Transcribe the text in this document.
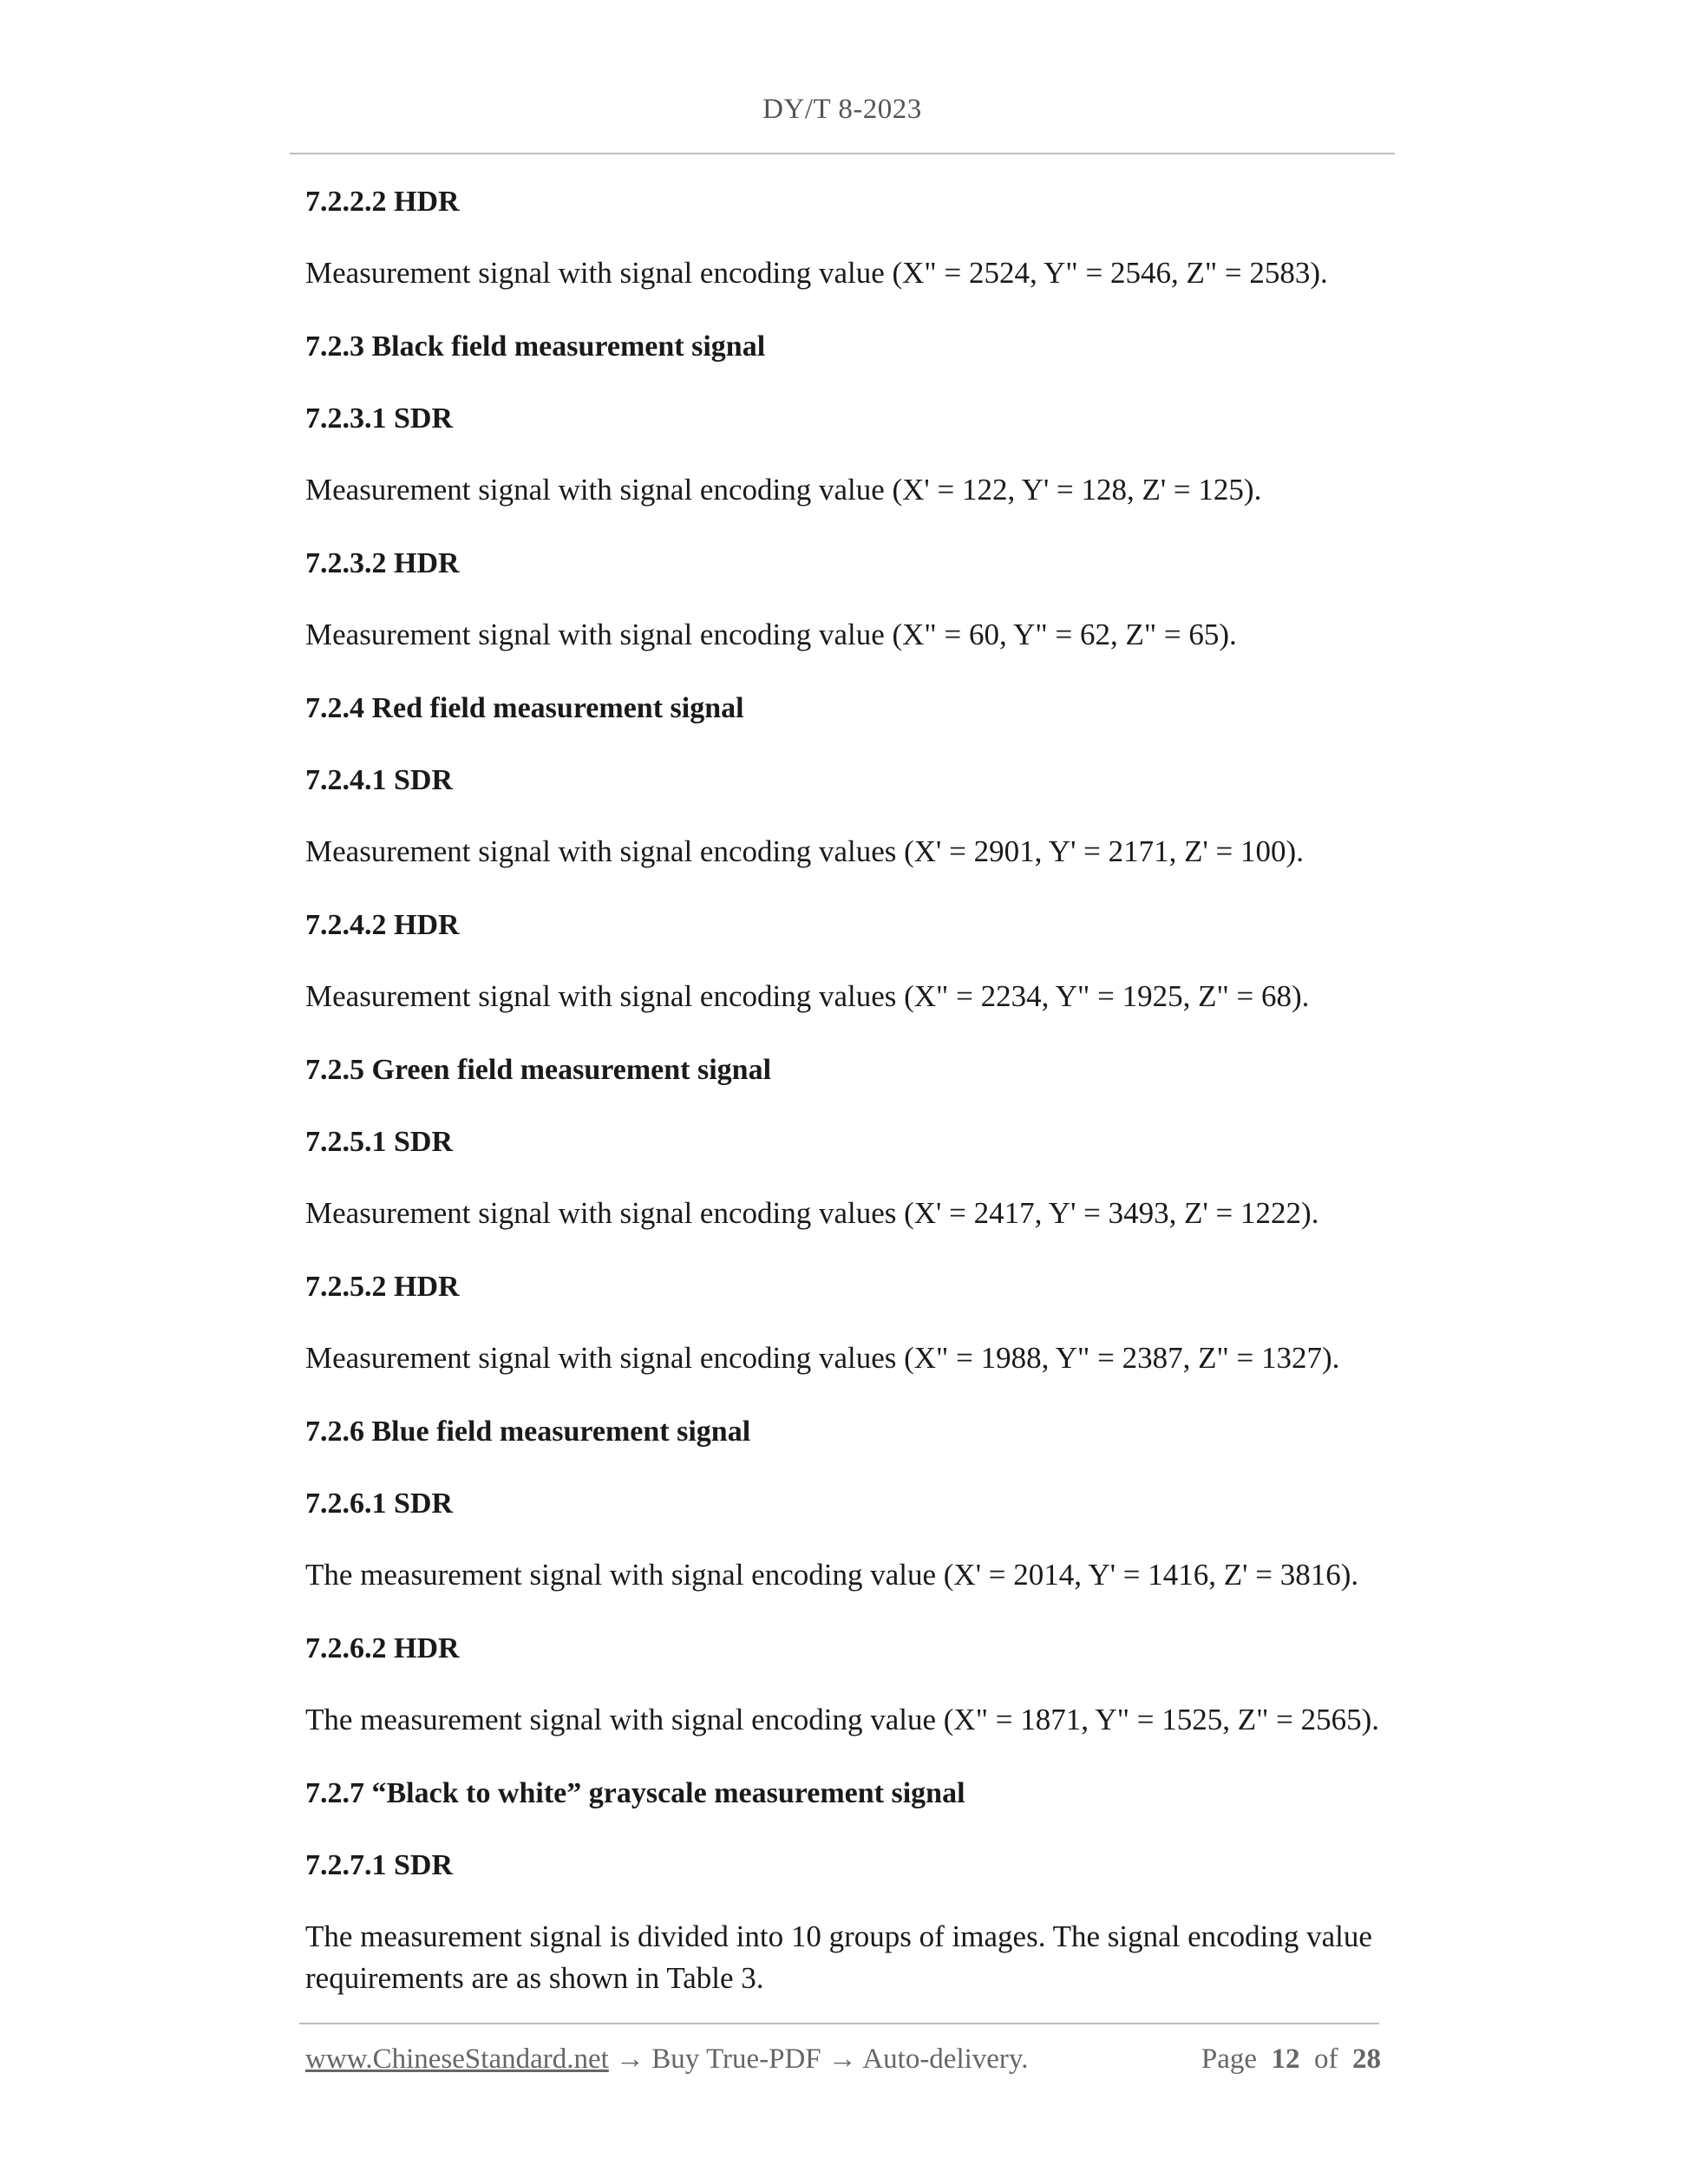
DY/T 8-2023
7.2.2.2 HDR
Measurement signal with signal encoding value (X" = 2524, Y" = 2546, Z" = 2583).
7.2.3 Black field measurement signal
7.2.3.1 SDR
Measurement signal with signal encoding value (X' = 122, Y' = 128, Z' = 125).
7.2.3.2 HDR
Measurement signal with signal encoding value (X" = 60, Y" = 62, Z" = 65).
7.2.4 Red field measurement signal
7.2.4.1 SDR
Measurement signal with signal encoding values (X' = 2901, Y' = 2171, Z' = 100).
7.2.4.2 HDR
Measurement signal with signal encoding values (X" = 2234, Y" = 1925, Z" = 68).
7.2.5 Green field measurement signal
7.2.5.1 SDR
Measurement signal with signal encoding values (X' = 2417, Y' = 3493, Z' = 1222).
7.2.5.2 HDR
Measurement signal with signal encoding values (X" = 1988, Y" = 2387, Z" = 1327).
7.2.6 Blue field measurement signal
7.2.6.1 SDR
The measurement signal with signal encoding value (X' = 2014, Y' = 1416, Z' = 3816).
7.2.6.2 HDR
The measurement signal with signal encoding value (X" = 1871, Y" = 1525, Z" = 2565).
7.2.7 “Black to white” grayscale measurement signal
7.2.7.1 SDR
The measurement signal is divided into 10 groups of images. The signal encoding value requirements are as shown in Table 3.
www.ChineseStandard.net → Buy True-PDF → Auto-delivery.	Page 12 of 28
